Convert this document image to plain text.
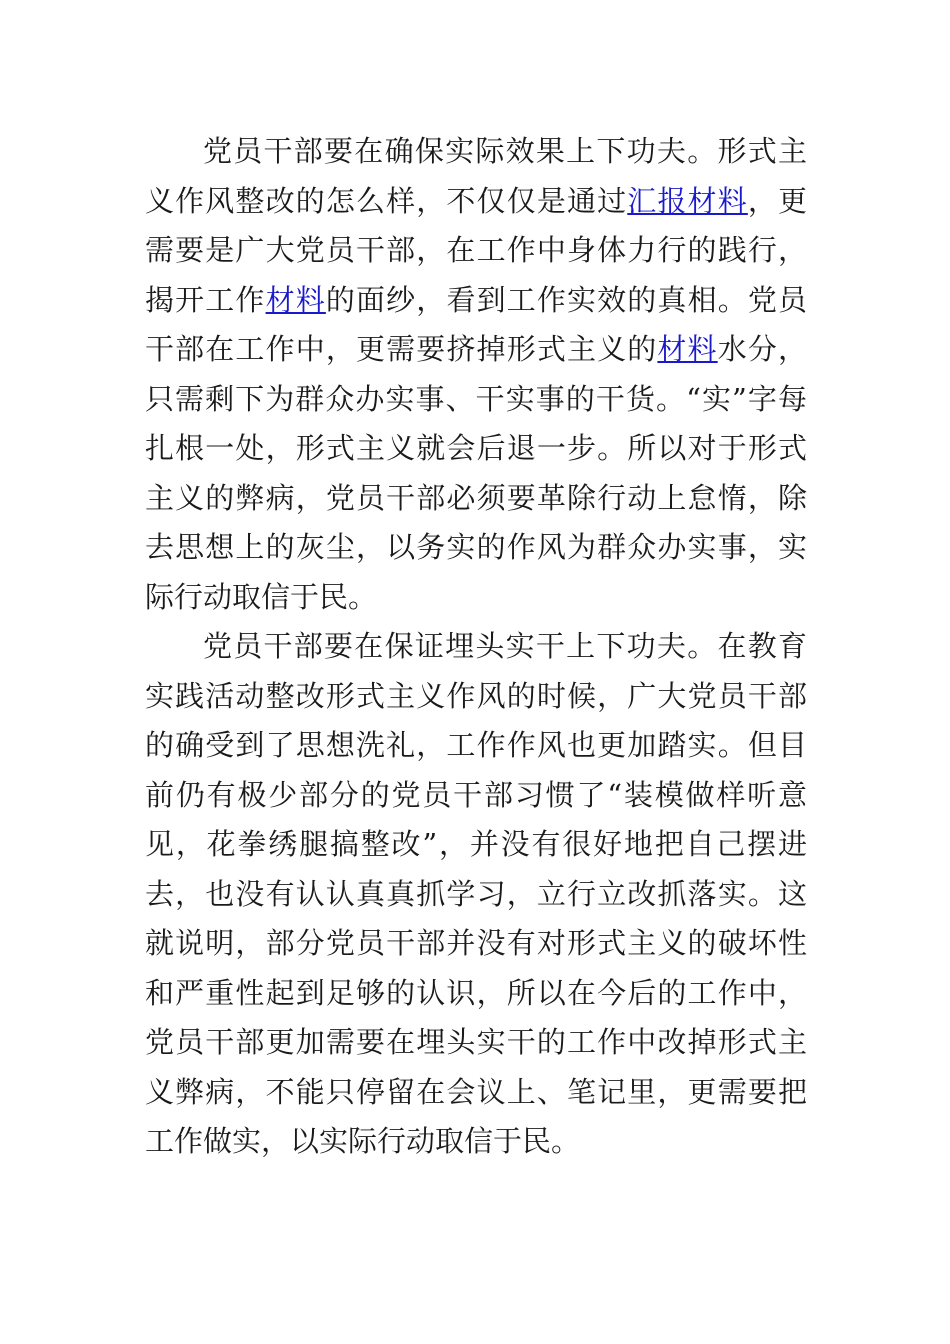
党员干部要在确保实际效果上下功夫。形式主义作风整改的怎么样，不仅仅是通过汇报材料，更需要是广大党员干部，在工作中身体力行的践行，揭开工作材料的面纱，看到工作实效的真相。党员干部在工作中，更需要挤掉形式主义的材料水分，只需剩下为群众办实事、干实事的干货。“实”字每扎根一处，形式主义就会后退一步。所以对于形式主义的弊病，党员干部必须要革除行动上怠惰，除去思想上的灰尘，以务实的作风为群众办实事，实际行动取信于民。

党员干部要在保证埋头实干上下功夫。在教育实践活动整改形式主义作风的时候，广大党员干部的确受到了思想洗礼，工作作风也更加踏实。但目前仍有极少部分的党员干部习惯了“装模做样听意见，花拳绣腿搞整改”，并没有很好地把自己摆进去，也没有认认真真抓学习，立行立改抓落实。这就说明，部分党员干部并没有对形式主义的破坏性和严重性起到足够的认识，所以在今后的工作中，党员干部更加需要在埋头实干的工作中改掉形式主义弊病，不能只停留在会议上、笔记里，更需要把工作做实，以实际行动取信于民。
